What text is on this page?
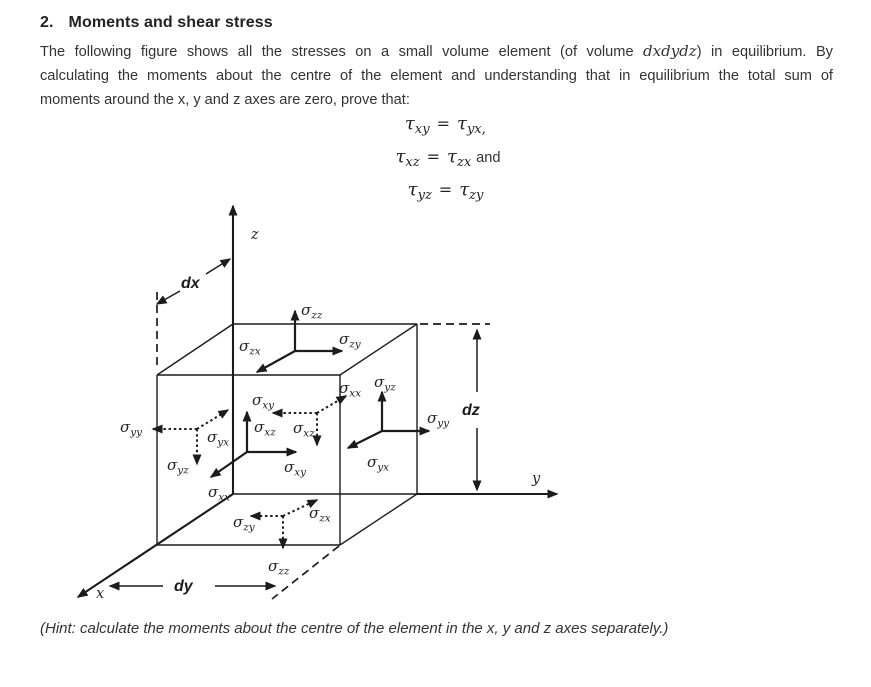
2. Moments and shear stress
The following figure shows all the stresses on a small volume element (of volume dxdydz) in equilibrium. By
calculating the moments about the centre of the element and understanding that in equilibrium the total sum of
moments around the x, y and z axes are zero, prove that:
$\tau_{xy} = \tau_{yx}$,
$\tau_{xz} = \tau_{zx}$ and
$\tau_{yz} = \tau_{zy}$
$\sigma_{zz}$
$\sigma_{zy}$
$\sigma_{zx}$
$\sigma_{xz}$
$\sigma_{xy}$
$\sigma_{xx}$
$\sigma_{yz}$
$\sigma_{yy}$
$\sigma_{yx}$
$\sigma_{yy}$	$\sigma_{yx}$
$\sigma_{yz}$
$\sigma_{xy}$
$\sigma_{xz}$
$\sigma_{xx}$
$\sigma_{zy}$
$\sigma_{zx}$
$\sigma_{zz}$
z
y
x
dx
dy
dz
(Hint: calculate the moments about the centre of the element in the x, y and z axes separately.)
